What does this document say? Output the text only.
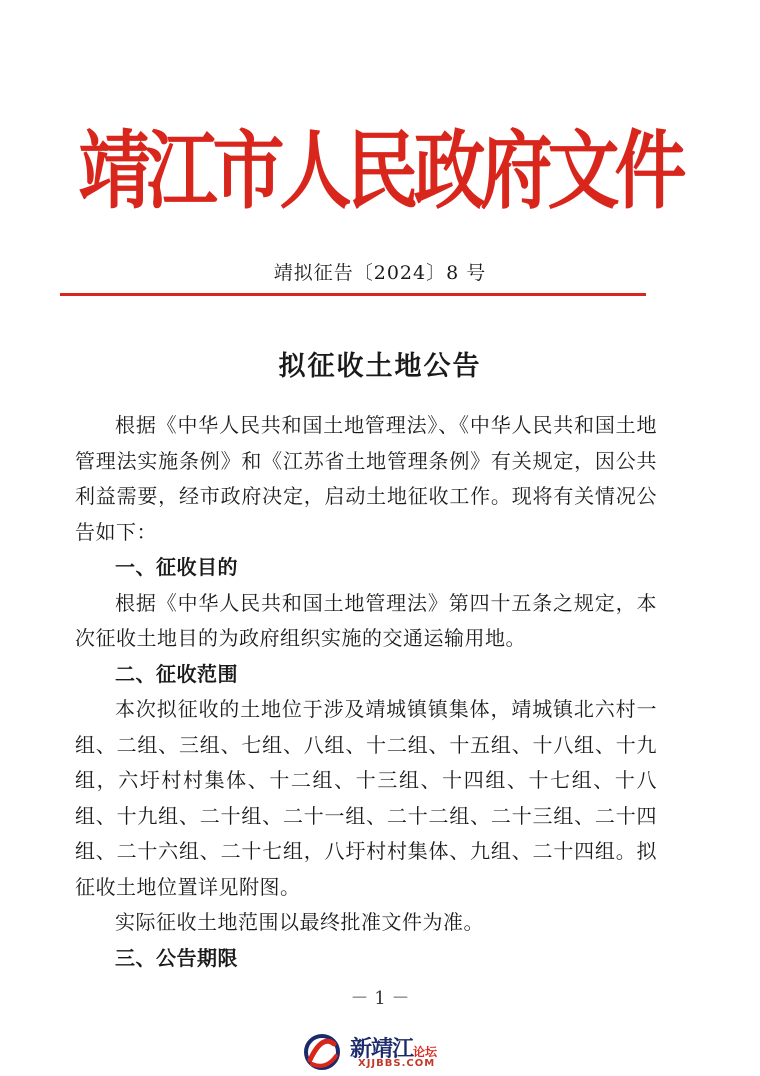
靖江市人民政府文件
靖拟征告〔2024〕8 号
拟征收土地公告

根据《中华人民共和国土地管理法》、《中华人民共和国土地管理法实施条例》和《江苏省土地管理条例》有关规定，因公共利益需要，经市政府决定，启动土地征收工作。现将有关情况公告如下：

一、征收目的

根据《中华人民共和国土地管理法》第四十五条之规定，本次征收土地目的为政府组织实施的交通运输用地。

二、征收范围

本次拟征收的土地位于涉及靖城镇镇集体，靖城镇北六村一组、二组、三组、七组、八组、十二组、十五组、十八组、十九组，六圩村村集体、十二组、十三组、十四组、十七组、十八组、十九组、二十组、二十一组、二十二组、二十三组、二十四组、二十六组、二十七组，八圩村村集体、九组、二十四组。拟征收土地位置详见附图。

实际征收土地范围以最终批准文件为准。

三、公告期限
－ 1 －
新靖江论坛
XJJBBS.COM
